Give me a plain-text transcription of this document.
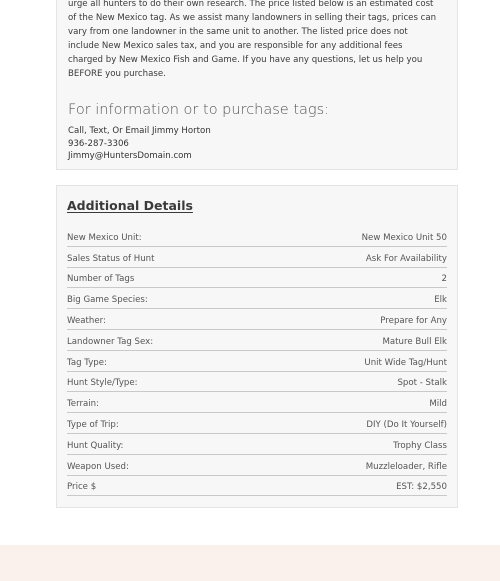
urge all hunters to do their own research. The price listed below is an estimated cost
of the New Mexico tag. As we assist many landowners in selling their tags, prices can
vary from one landowner in the same unit to another. The listed price does not
include New Mexico sales tax, and you are responsible for any additional fees
charged by New Mexico Fish and Game. If you have any questions, let us help you
BEFORE you purchase.

For information or to purchase tags:
Call, Text, Or Email Jimmy Horton
936-287-3306
Jimmy@HuntersDomain.com
Additional Details
New Mexico Unit:	New Mexico Unit 50
Sales Status of Hunt	Ask For Availability
Number of Tags	2
Big Game Species:	Elk
Weather:	Prepare for Any
Landowner Tag Sex:	Mature Bull Elk
Tag Type:	Unit Wide Tag/Hunt
Hunt Style/Type:	Spot - Stalk
Terrain:	Mild
Type of Trip:	DIY (Do It Yourself)
Hunt Quality:	Trophy Class
Weapon Used:	Muzzleloader, Rifle
Price $	EST: $2,550
